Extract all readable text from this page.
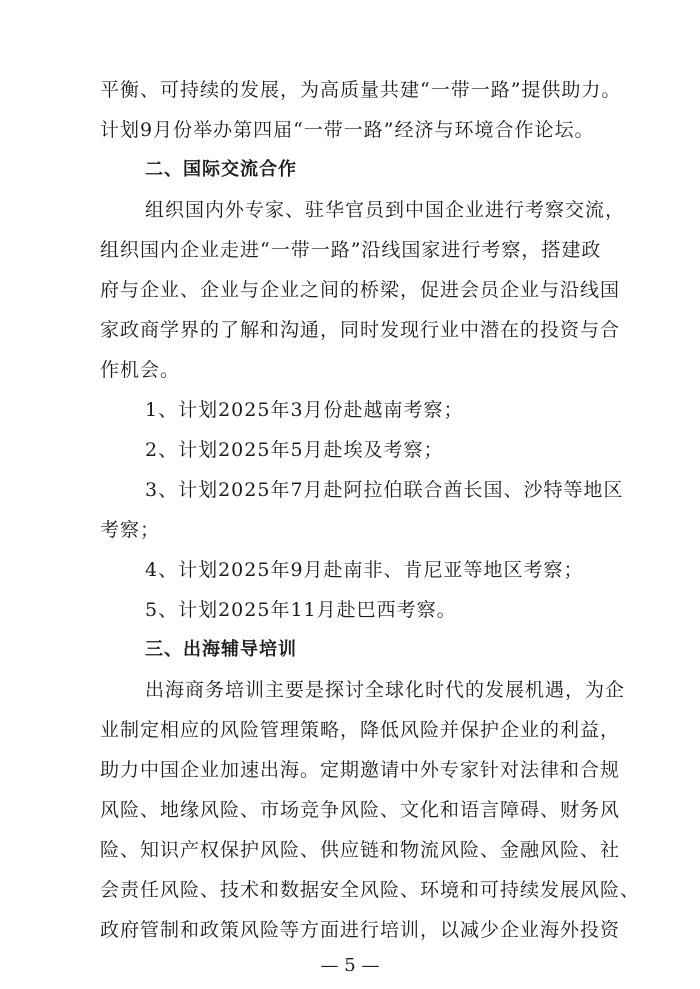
平衡、可持续的发展，为高质量共建“一带一路”提供助力。
计划9月份举办第四届“一带一路”经济与环境合作论坛。
二、国际交流合作
组织国内外专家、驻华官员到中国企业进行考察交流，
组织国内企业走进“一带一路”沿线国家进行考察，搭建政
府与企业、企业与企业之间的桥梁，促进会员企业与沿线国
家政商学界的了解和沟通，同时发现行业中潜在的投资与合
作机会。
1、计划2025年3月份赴越南考察；
2、计划2025年5月赴埃及考察；
3、计划2025年7月赴阿拉伯联合酋长国、沙特等地区
考察；
4、计划2025年9月赴南非、肯尼亚等地区考察；
5、计划2025年11月赴巴西考察。
三、出海辅导培训
出海商务培训主要是探讨全球化时代的发展机遇，为企
业制定相应的风险管理策略，降低风险并保护企业的利益，
助力中国企业加速出海。定期邀请中外专家针对法律和合规
风险、地缘风险、市场竞争风险、文化和语言障碍、财务风
险、知识产权保护风险、供应链和物流风险、金融风险、社
会责任风险、技术和数据安全风险、环境和可持续发展风险、
政府管制和政策风险等方面进行培训，以减少企业海外投资
— 5 —
